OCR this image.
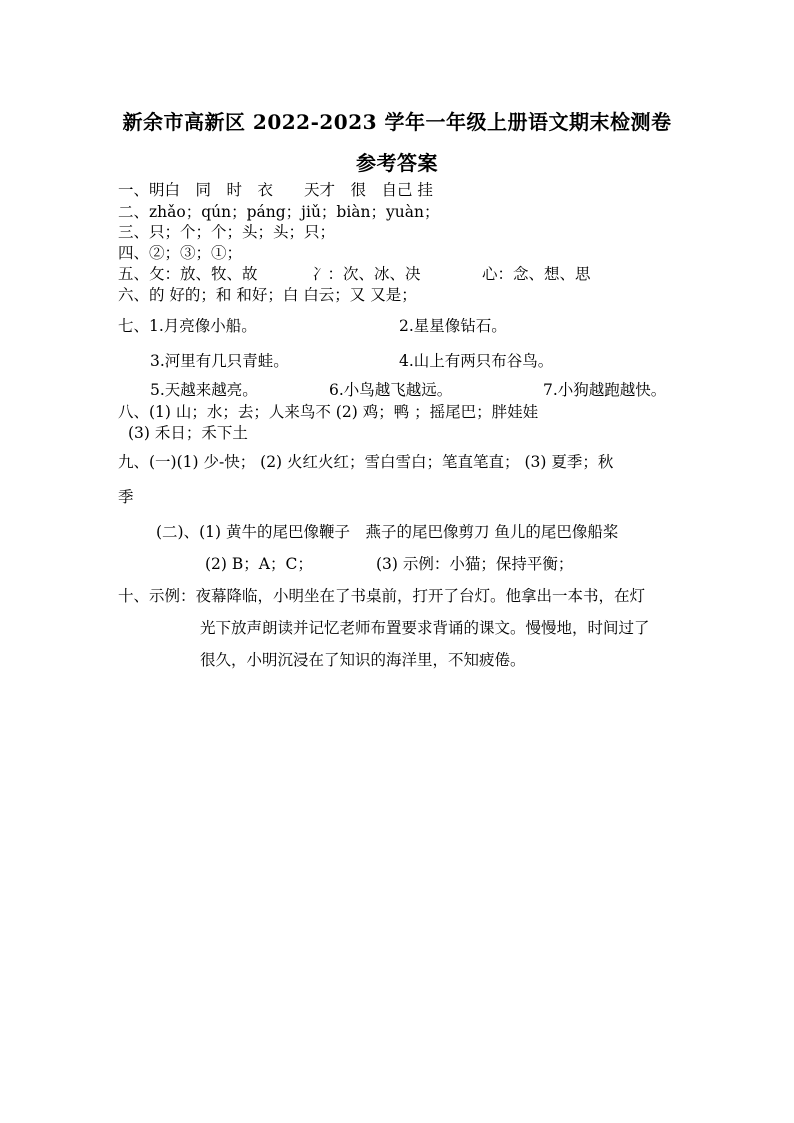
新余市高新区 2022-2023 学年一年级上册语文期末检测卷
参考答案
一、明白　同　时　衣　　天才　很　自己 挂
二、zhǎo；qún；páng；jiǔ；biàn；yuàn；
三、只；个；个；头；头；只；
四、②；③；①；
五、攵：放、牧、故	冫：次、冰、决	心：念、想、思
六、的 好的；和 和好；白 白云；又 又是；
七、1.月亮像小船。	2.星星像钻石。
3.河里有几只青蛙。	4.山上有两只布谷鸟。
5.天越来越亮。	6.小鸟越飞越远。	7.小狗越跑越快。
八、(1) 山；水；去；人来鸟不 (2) 鸡；鸭 ；摇尾巴；胖娃娃
(3) 禾日；禾下土
九、(一)(1) 少-快； (2) 火红火红；雪白雪白；笔直笔直； (3) 夏季；秋
季
(二)、(1) 黄牛的尾巴像鞭子　燕子的尾巴像剪刀 鱼儿的尾巴像船桨
(2) B；A；C；	(3) 示例：小猫；保持平衡；
十、示例：夜幕降临，小明坐在了书桌前，打开了台灯。他拿出一本书，在灯
光下放声朗读并记忆老师布置要求背诵的课文。慢慢地，时间过了
很久，小明沉浸在了知识的海洋里，不知疲倦。
